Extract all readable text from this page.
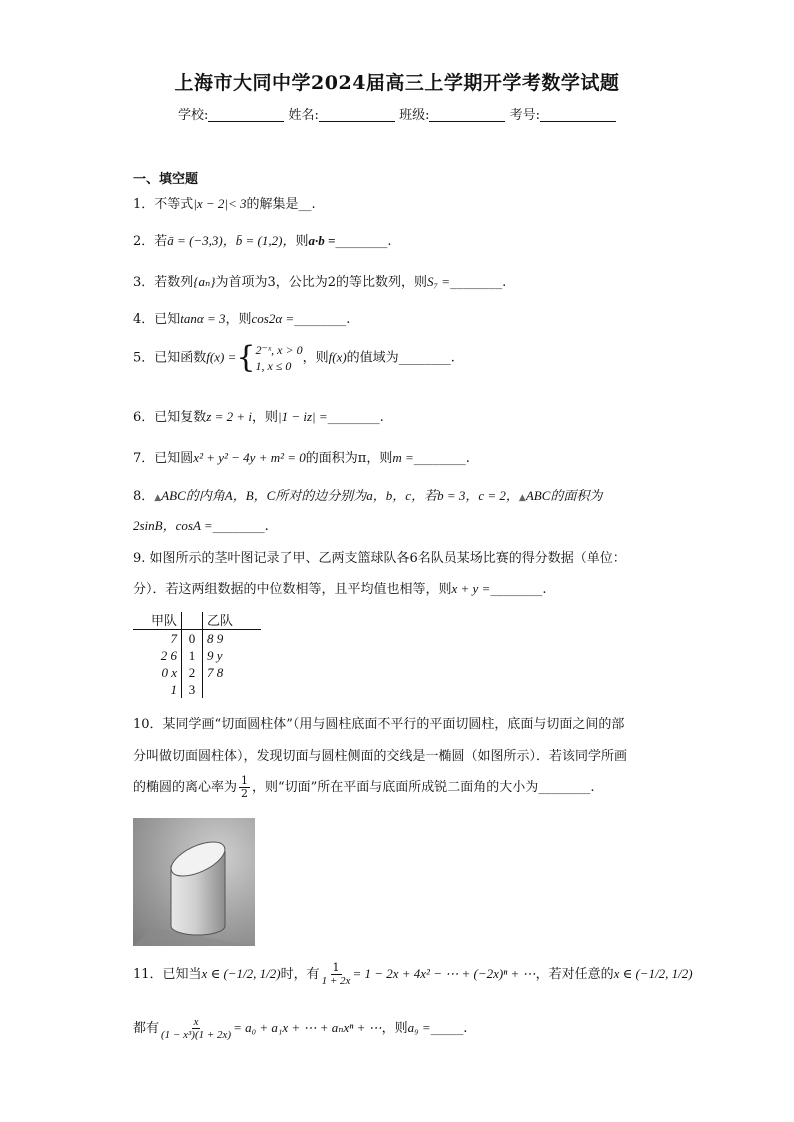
上海市大同中学2024届高三上学期开学考数学试题
学校:	姓名:	班级:	考号:
一、填空题
1．不等式|x − 2|< 3的解集是__.
2．若ā = (−3,3)，b̄ = (1,2)，则a·b =________.
3．若数列{aₙ}为首项为3，公比为2的等比数列，则S₇ =________.
4．已知tanα = 3，则cos2α =________.
5．已知函数f(x) ={ 2⁻ˣ, x > 0
1, x ≤ 0
，则f(x)的值域为________.
6．已知复数z = 2 + i，则|1 − iz| =________.
7．已知圆x² + y² − 4y + m² = 0的面积为π，则m =________.
8．▲ABC的内角A，B，C所对的边分别为a，b，c，若b = 3，c = 2，▲ABC的面积为
2sinB，cosA =________.
9. 如图所示的茎叶图记录了甲、乙两支篮球队各6名队员某场比赛的得分数据（单位：
分）．若这两组数据的中位数相等，且平均值也相等，则x + y =________.
甲队		乙队
7	0	8 9
2 6	1	9 y
0 x	2	7 8
1	3	
10．某同学画“切面圆柱体”（用与圆柱底面不平行的平面切圆柱，底面与切面之间的部
分叫做切面圆柱体），发现切面与圆柱侧面的交线是一椭圆（如图所示）．若该同学所画
的椭圆的离心率为 $\frac{1}{2}$ ，则“切面”所在平面与底面所成锐二面角的大小为________.
11．已知当x ∈ (−1/2, 1/2)时，有 $\frac{1}{1 + 2x} = 1 - 2x + 4x^2$ − ⋯ + (−2x)ⁿ + ⋯，若对任意的x ∈ (−1/2, 1/2)
都有 $\frac{x}{\text{(1 − x³)(1 + 2x)}} = a_0 + a_1x$ + ⋯ + aₙxⁿ + ⋯，则a₉ =_____.
